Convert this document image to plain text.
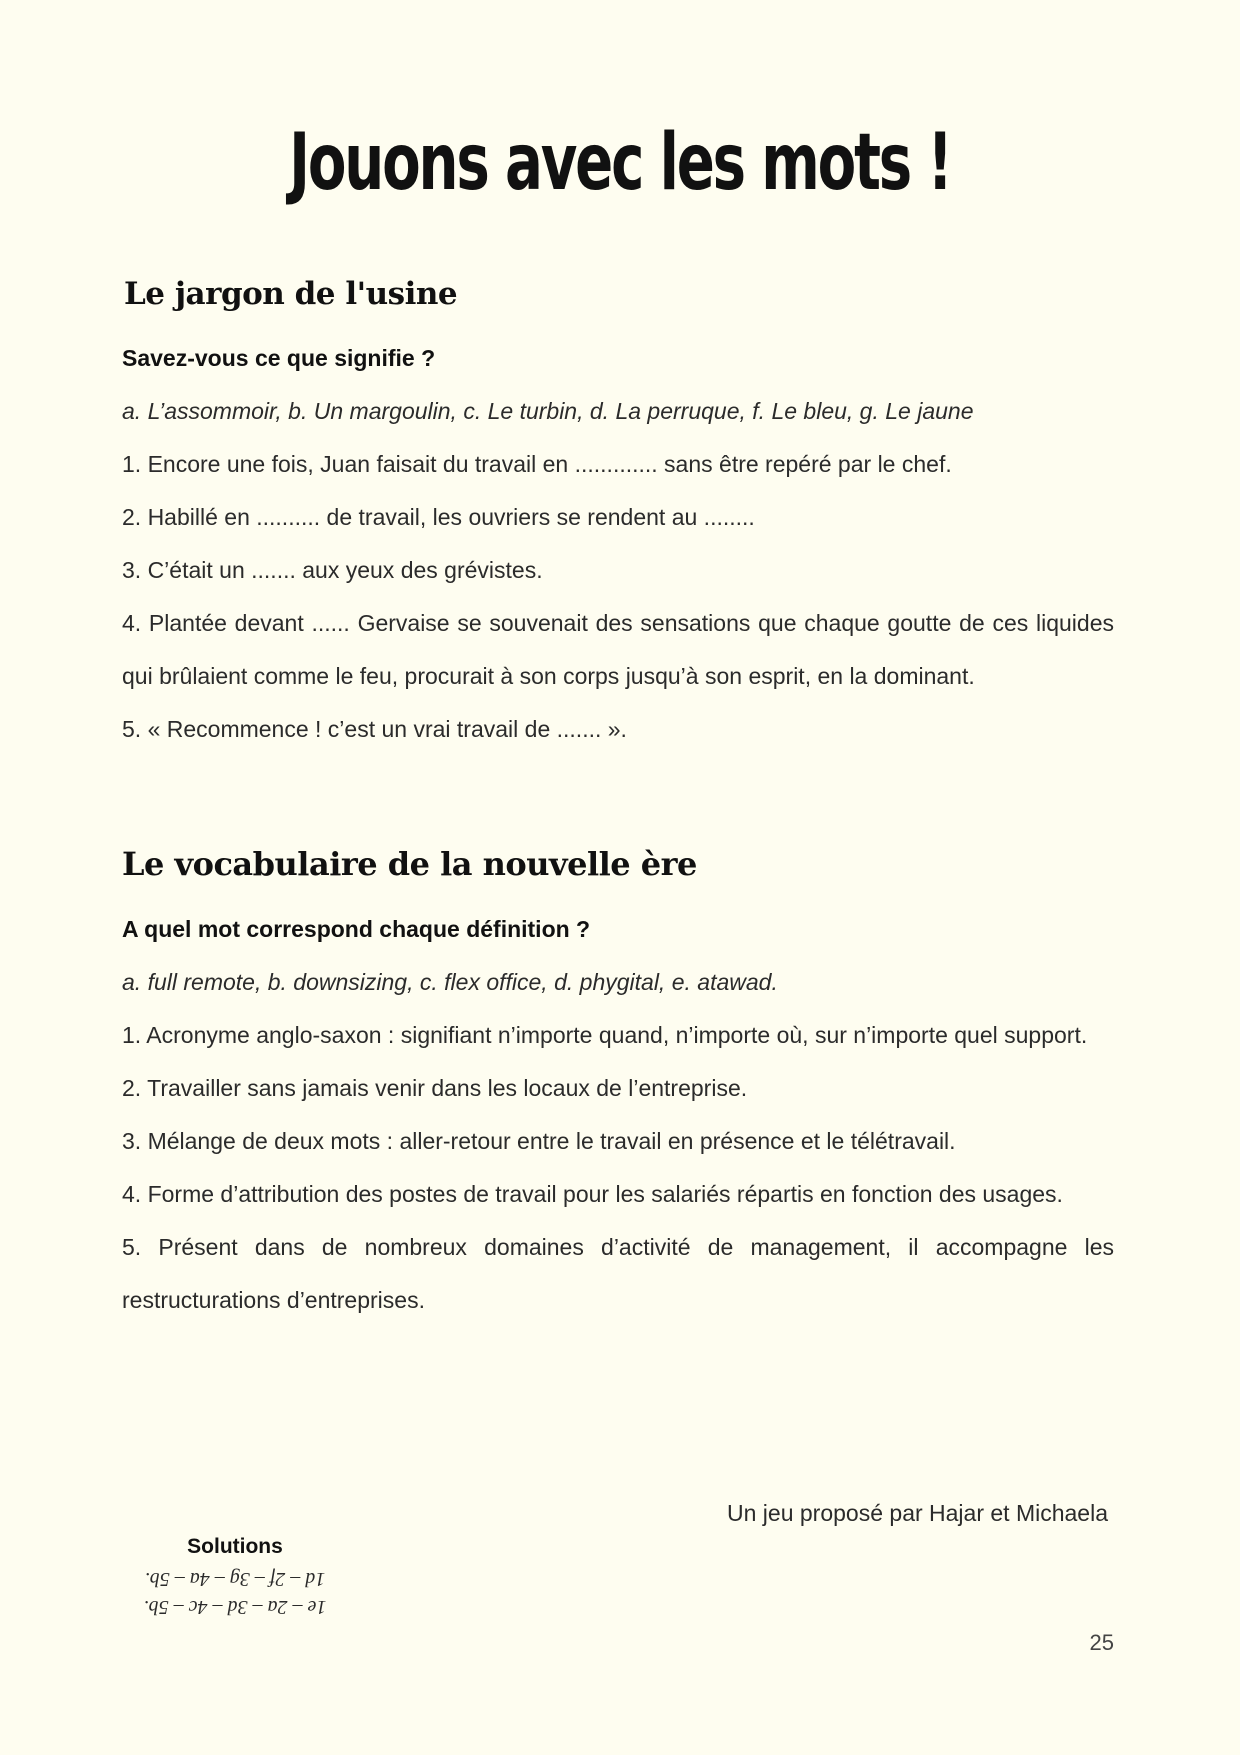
Jouons avec les mots !
Le jargon de l'usine

Savez-vous ce que signifie ?

a. L’assommoir, b. Un margoulin, c. Le turbin, d. La perruque, f. Le bleu, g. Le jaune

1. Encore une fois, Juan faisait du travail en ............. sans être repéré par le chef.

2. Habillé en .......... de travail, les ouvriers se rendent au ........

3. C’était un ....... aux yeux des grévistes.

4. Plantée devant ...... Gervaise se souvenait des sensations que chaque goutte de ces liquides qui brûlaient comme le feu, procurait à son corps jusqu’à son esprit, en la dominant.

5. « Recommence ! c’est un vrai travail de ....... ».

Le vocabulaire de la nouvelle ère

A quel mot correspond chaque définition ?

a. full remote, b. downsizing, c. flex office, d. phygital, e. atawad.

1. Acronyme anglo-saxon : signifiant n’importe quand, n’importe où, sur n’importe quel support.

2. Travailler sans jamais venir dans les locaux de l’entreprise.

3. Mélange de deux mots : aller-retour entre le travail en présence et le télétravail.

4. Forme d’attribution des postes de travail pour les salariés répartis en fonction des usages.

5. Présent dans de nombreux domaines d’activité de management, il accompagne les restructurations d’entreprises.

Un jeu proposé par Hajar et Michaela

Solutions

1d – 2f – 3g – 4a – 5b.

1e – 2a – 3d – 4c – 5b.

25
